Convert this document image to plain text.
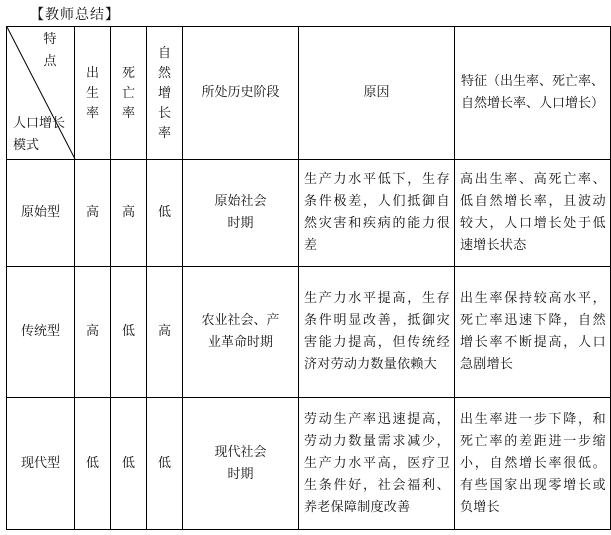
【教师总结】
特点
人口增长模式	出生率	死亡率	自然增长率	所处历史阶段	原因	特征（出生率、死亡率、自然增长率、人口增长）

原始型	高	高	低	原始社会时期	生产力水平低下，生存条件极差，人们抵御自然灾害和疾病的能力很差	高出生率、高死亡率、低自然增长率，且波动较大，人口增长处于低速增长状态
传统型	高	低	高	农业社会、产业革命时期	生产力水平提高，生存条件明显改善，抵御灾害能力提高，但传统经济对劳动力数量依赖大	出生率保持较高水平，死亡率迅速下降，自然增长率不断提高，人口急剧增长
现代型	低	低	低	现代社会时期	劳动生产率迅速提高，劳动力数量需求减少，生产力水平高，医疗卫生条件好，社会福利、养老保障制度改善	出生率进一步下降，和死亡率的差距进一步缩小，自然增长率很低。有些国家出现零增长或负增长
